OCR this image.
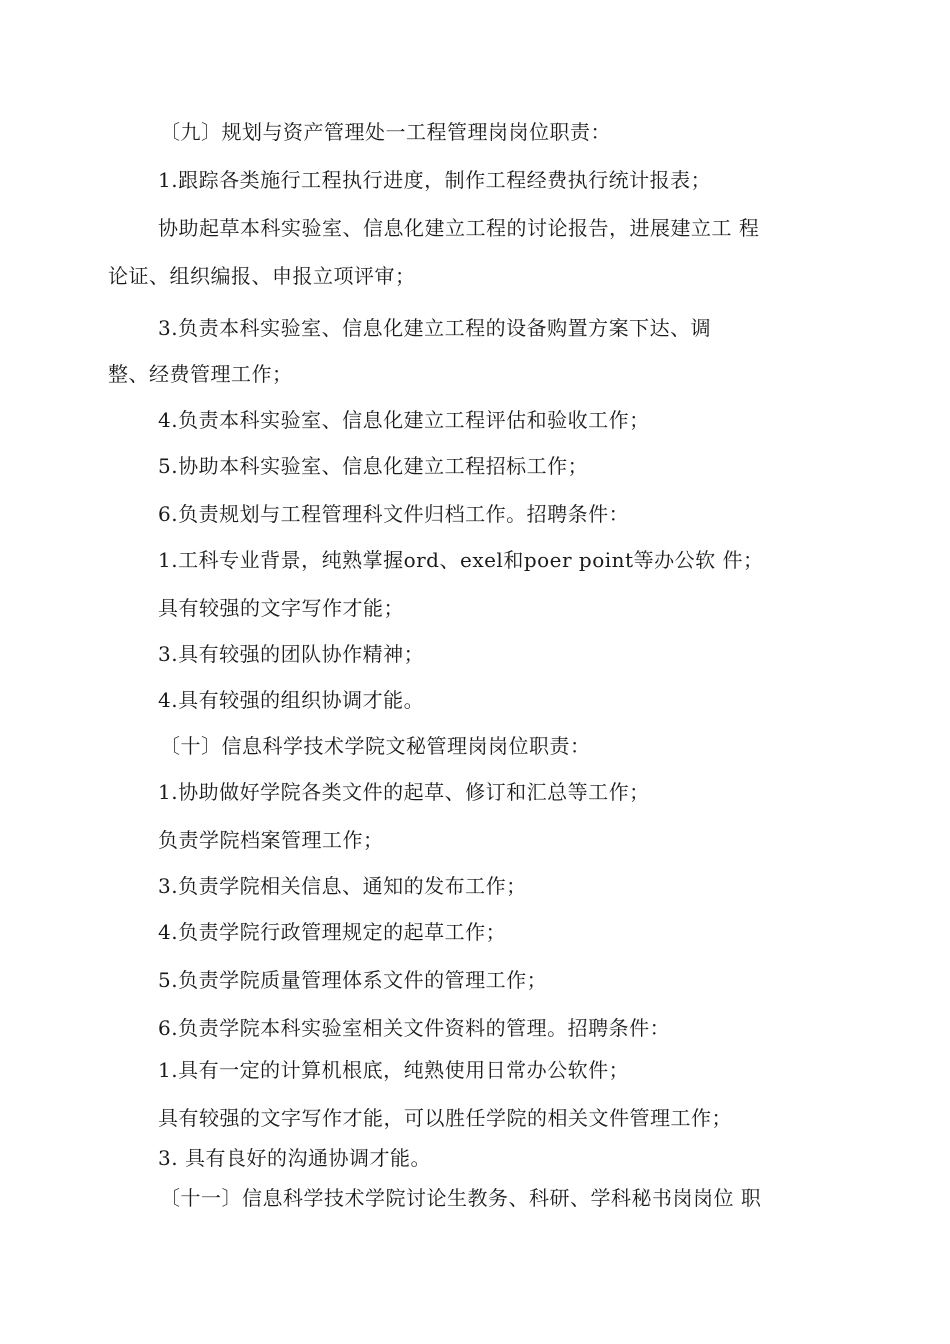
〔九〕规划与资产管理处一工程管理岗岗位职责：
1.跟踪各类施行工程执行进度，制作工程经费执行统计报表；
协助起草本科实验室、信息化建立工程的讨论报告，进展建立工 程
论证、组织编报、申报立项评审；
3.负责本科实验室、信息化建立工程的设备购置方案下达、调
整、经费管理工作；
4.负责本科实验室、信息化建立工程评估和验收工作；
5.协助本科实验室、信息化建立工程招标工作；
6.负责规划与工程管理科文件归档工作。招聘条件：
1.工科专业背景，纯熟掌握ord、exel和poer point等办公软 件；
具有较强的文字写作才能；
3.具有较强的团队协作精神；
4.具有较强的组织协调才能。
〔十〕信息科学技术学院文秘管理岗岗位职责：
1.协助做好学院各类文件的起草、修订和汇总等工作；
负责学院档案管理工作；
3.负责学院相关信息、通知的发布工作；
4.负责学院行政管理规定的起草工作；
5.负责学院质量管理体系文件的管理工作；
6.负责学院本科实验室相关文件资料的管理。招聘条件：
1.具有一定的计算机根底，纯熟使用日常办公软件；
具有较强的文字写作才能，可以胜任学院的相关文件管理工作；
3. 具有良好的沟通协调才能。
〔十一〕信息科学技术学院讨论生教务、科研、学科秘书岗岗位 职
